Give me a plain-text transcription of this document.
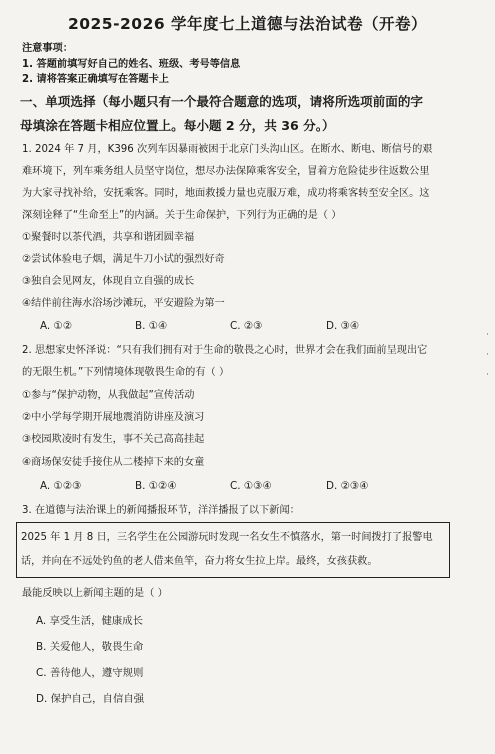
2025-2026 学年度七上道德与法治试卷（开卷）
注意事项：
1. 答题前填写好自己的姓名、班级、考号等信息
2. 请将答案正确填写在答题卡上
一、单项选择（每小题只有一个最符合题意的选项，请将所选项前面的字
母填涂在答题卡相应位置上。每小题 2 分，共 36 分。）
1. 2024 年 7 月，K396 次列车因暴雨被困于北京门头沟山区。在断水、断电、断信号的艰
难环境下，列车乘务组人员坚守岗位，想尽办法保障乘客安全，冒着方危险徒步往返数公里
为大家寻找补给，安抚乘客。同时，地面救援力量也克服万难，成功将乘客转至安全区。这
深刻诠释了“生命至上”的内涵。关于生命保护，下列行为正确的是（ ）
①聚餐时以茶代酒，共享和谐团圆幸福
②尝试体验电子烟，满足牛刀小试的强烈好奇
③独自会见网友，体现自立自强的成长
④结伴前往海水浴场沙滩玩，平安避险为第一
A. ①②	B. ①④	C. ②③	D. ③④
2. 思想家史怀泽说：“只有我们拥有对于生命的敬畏之心时，世界才会在我们面前呈现出它
的无限生机。”下列情境体现敬畏生命的有（ ）
①参与“保护动物，从我做起”宣传活动
②中小学每学期开展地震消防讲座及演习
③校园欺凌时有发生，事不关己高高挂起
④商场保安徒手接住从二楼掉下来的女童
A. ①②③	B. ①②④	C. ①③④	D. ②③④
3. 在道德与法治课上的新闻播报环节，洋洋播报了以下新闻：
2025 年 1 月 8 日，三名学生在公园游玩时发现一名女生不慎落水，第一时间拨打了报警电
话，并向在不远处钓鱼的老人借来鱼竿，奋力将女生拉上岸。最终，女孩获救。
最能反映以上新闻主题的是（ ）
A. 享受生活，健康成长
B. 关爱他人，敬畏生命
C. 善待他人，遵守规则
D. 保护自己，自信自强
·
·
·
